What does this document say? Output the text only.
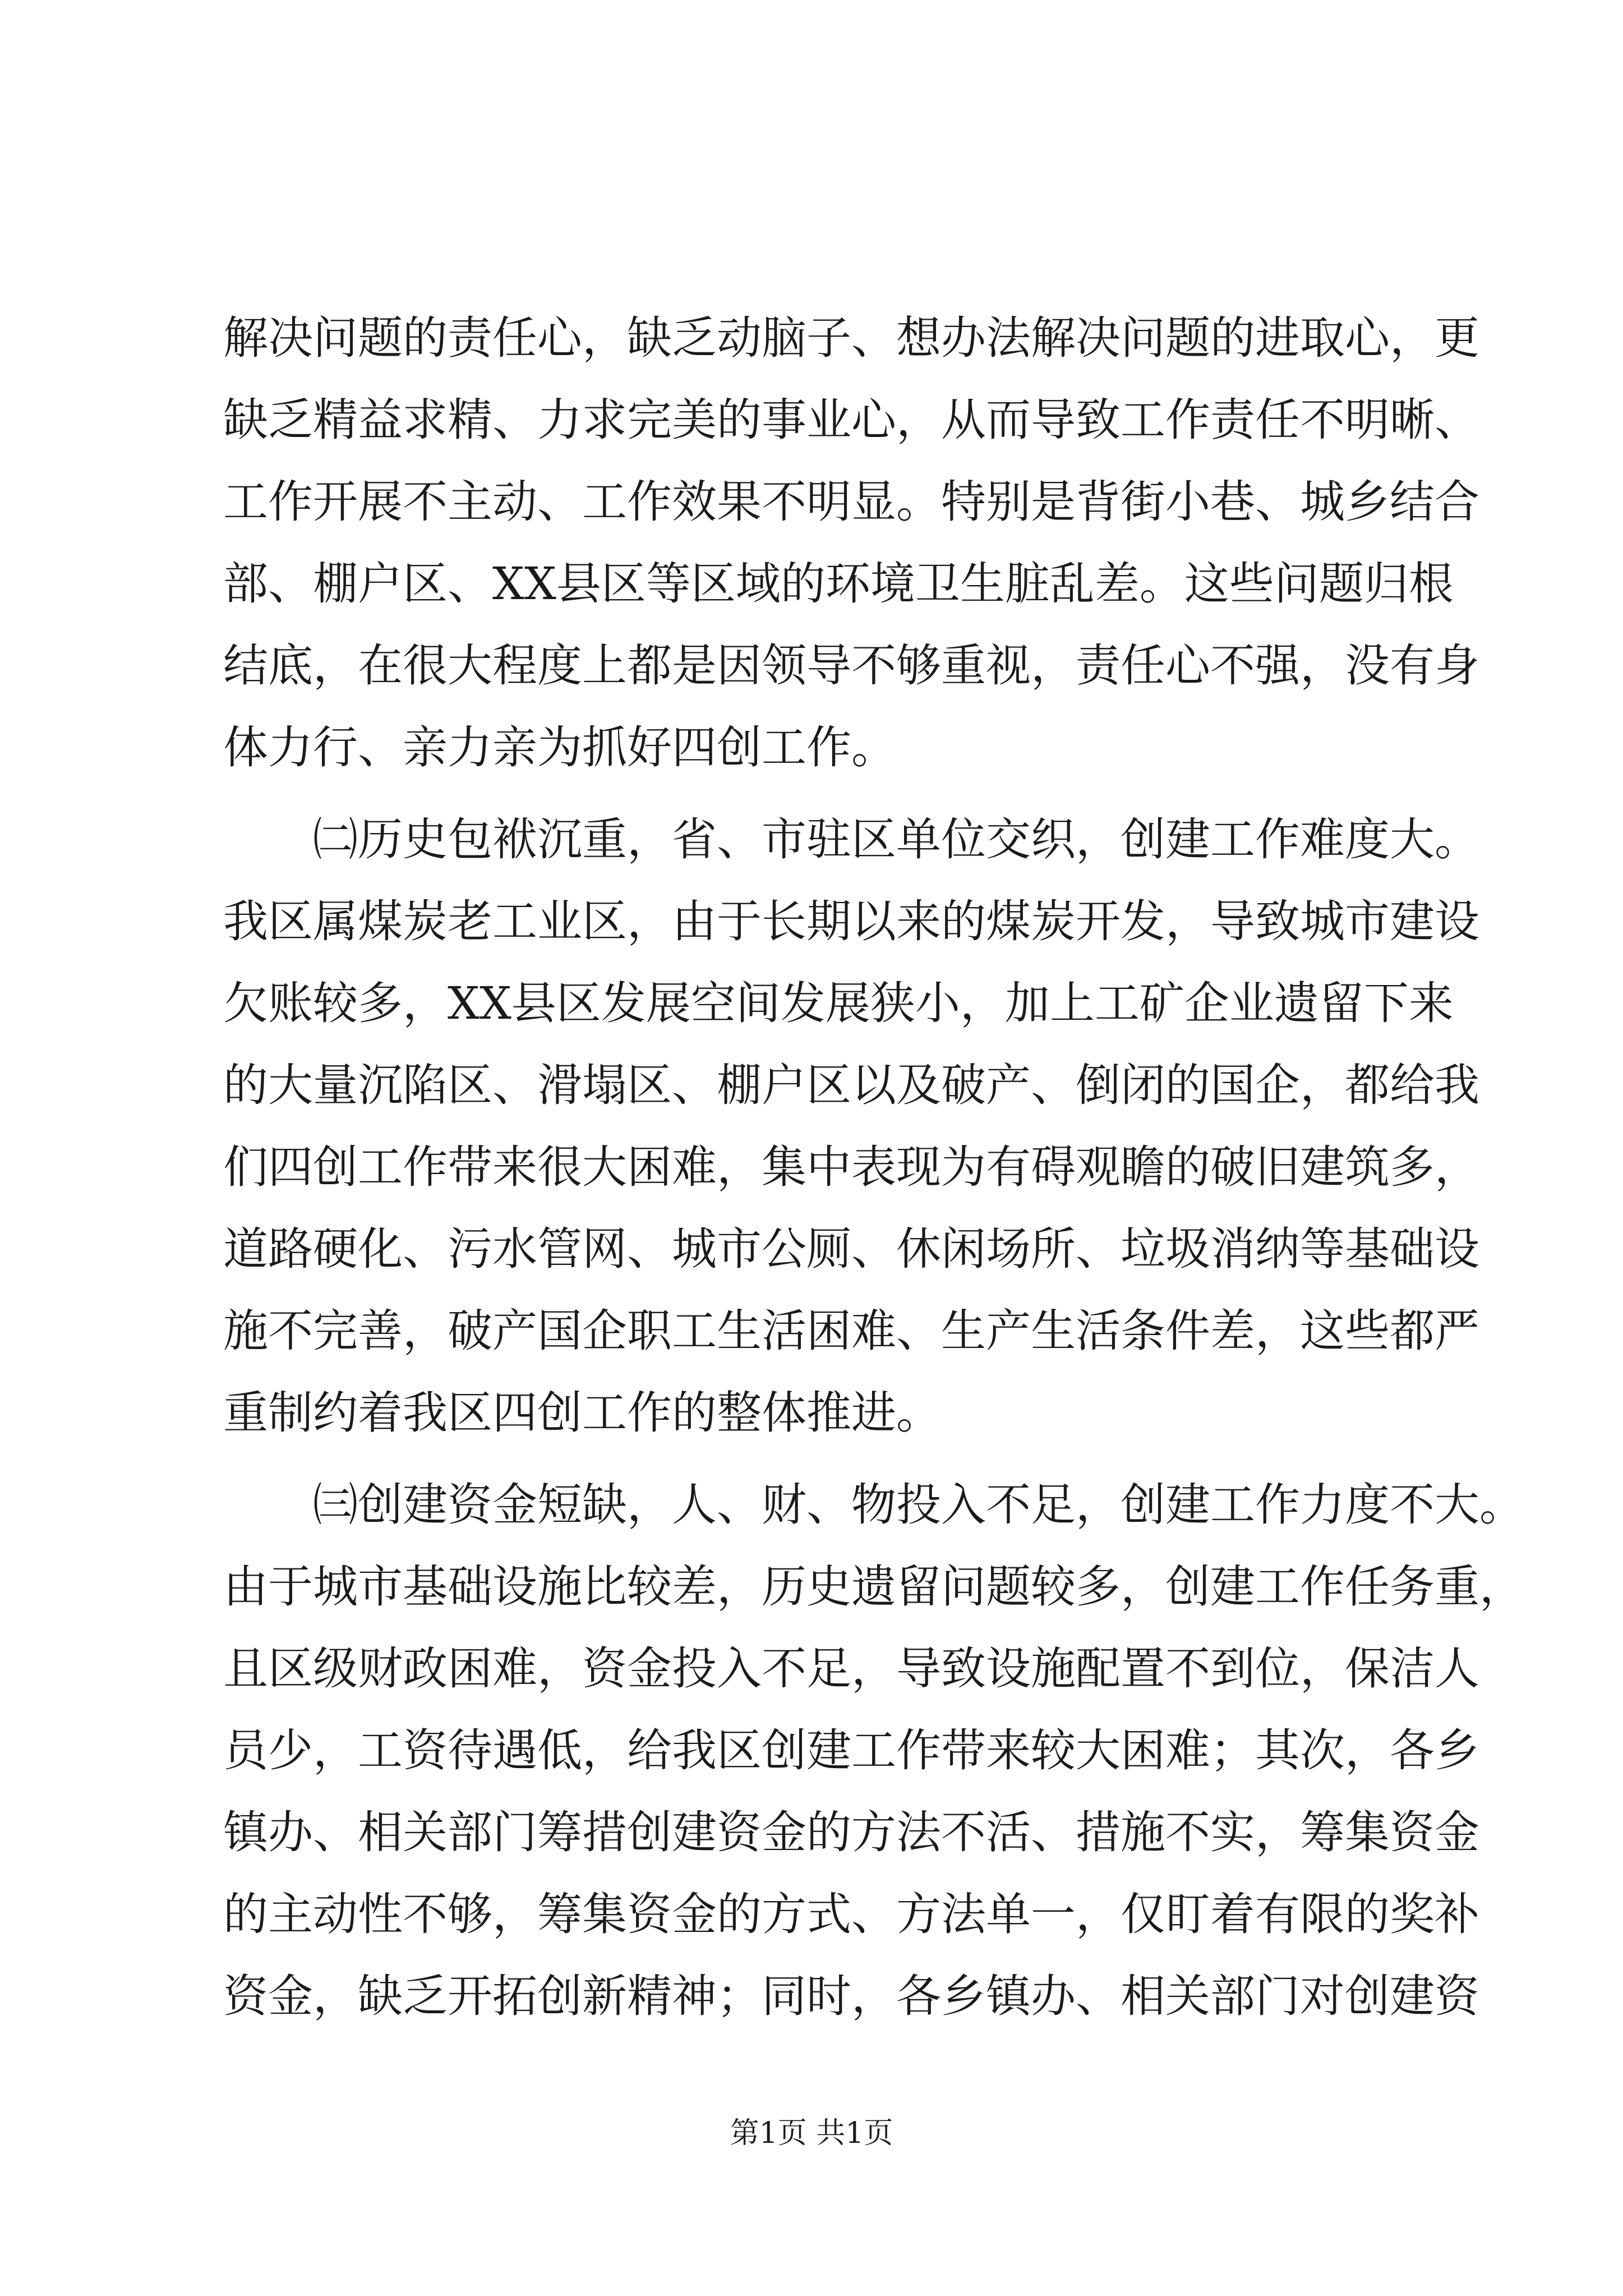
解决问题的责任心，缺乏动脑子、想办法解决问题的进取心，更
缺乏精益求精、力求完美的事业心，从而导致工作责任不明晰、
工作开展不主动、工作效果不明显。特别是背街小巷、城乡结合
部、棚户区、XX县区等区域的环境卫生脏乱差。这些问题归根
结底，在很大程度上都是因领导不够重视，责任心不强，没有身
体力行、亲力亲为抓好四创工作。
㈡历史包袱沉重，省、市驻区单位交织，创建工作难度大。
我区属煤炭老工业区，由于长期以来的煤炭开发，导致城市建设
欠账较多，XX县区发展空间发展狭小，加上工矿企业遗留下来
的大量沉陷区、滑塌区、棚户区以及破产、倒闭的国企，都给我
们四创工作带来很大困难，集中表现为有碍观瞻的破旧建筑多，
道路硬化、污水管网、城市公厕、休闲场所、垃圾消纳等基础设
施不完善，破产国企职工生活困难、生产生活条件差，这些都严
重制约着我区四创工作的整体推进。
㈢创建资金短缺，人、财、物投入不足，创建工作力度不大。
由于城市基础设施比较差，历史遗留问题较多，创建工作任务重，
且区级财政困难，资金投入不足，导致设施配置不到位，保洁人
员少，工资待遇低，给我区创建工作带来较大困难；其次，各乡
镇办、相关部门筹措创建资金的方法不活、措施不实，筹集资金
的主动性不够，筹集资金的方式、方法单一，仅盯着有限的奖补
资金，缺乏开拓创新精神；同时，各乡镇办、相关部门对创建资
第1页 共1页
